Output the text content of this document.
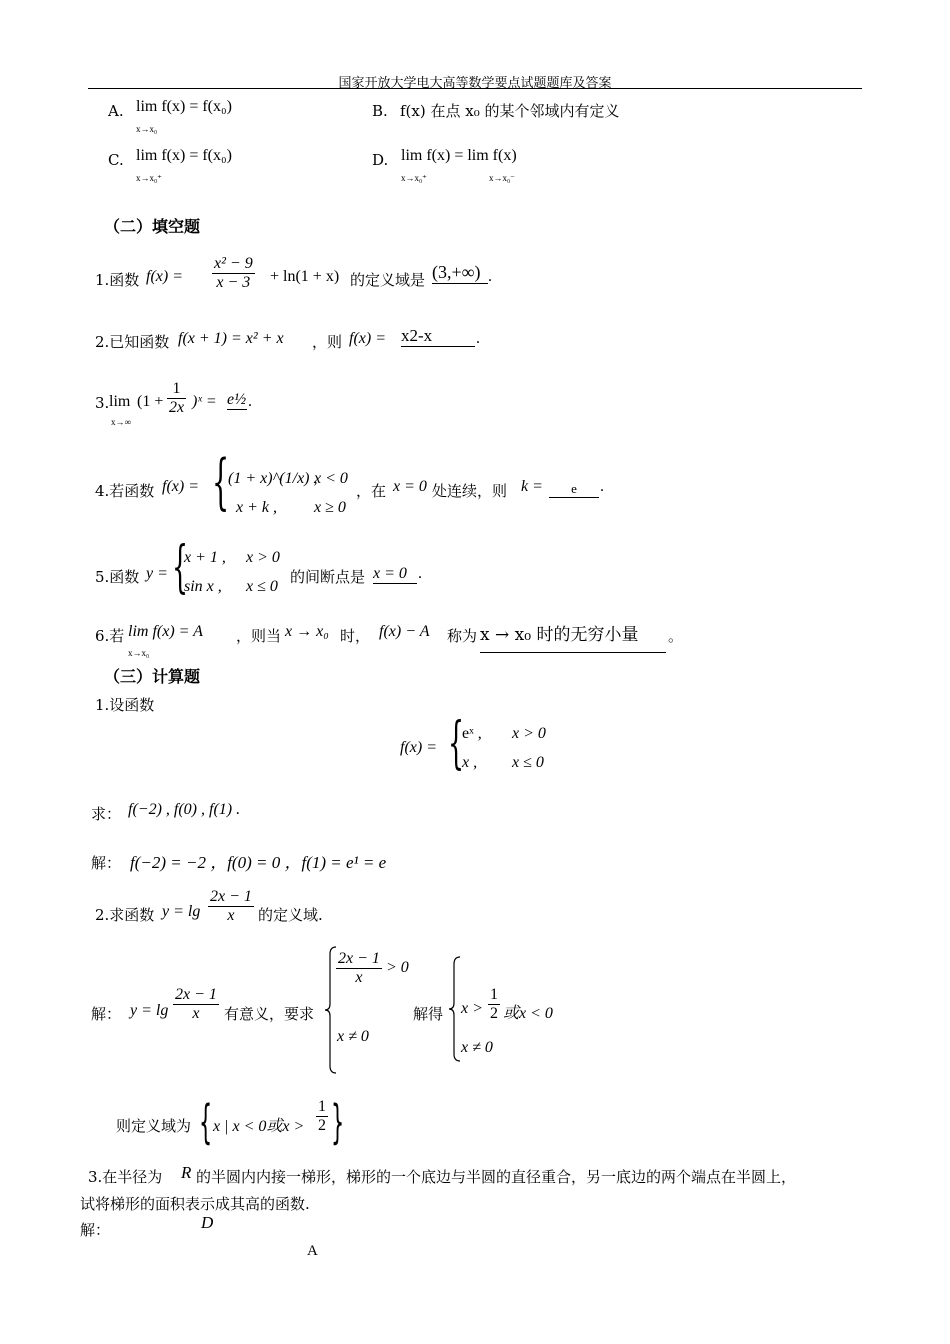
国家开放大学电大高等数学要点试题题库及答案
A. lim f(x) = f(x₀)
x→x₀
B. f(x) 在点 x₀ 的某个邻域内有定义
C. lim f(x) = f(x₀)
x→x₀⁺
D. lim f(x) = lim f(x)
x→x₀⁺	x→x₀⁻
（二）填空题
1.函数 $f(x) = \frac{\text{x² − 9}}{x - 3} + \ln(1 + x)$ 的定义域是 (3,+∞) .
2.已知函数 f(x + 1) = x² + x ，则 f(x) = x2-x	.
3. lim
x→∞
($1 + \frac{1}{2x}$ )ˣ = e½ .
4.若函数 f(x) = {
(1 + x)^(1/x) ,
x < 0
x + k , x ≥ 0
，在 x = 0 处连续，则 k =	e	.
5.函数 y = {
x + 1 , x > 0
sin x , x ≤ 0
的间断点是 x = 0 .
6.若 lim f(x) = A
x→x₀
，则当 x → x₀ 时， f(x) − A 称为 x → x₀ 时的无穷小量	。
（三）计算题
1.设函数
f(x) = {
eˣ , x > 0
x , x ≤ 0
求： f(−2) , f(0) , f(1) .
解： f(−2) = −2 ，f(0) = 0 ，f(1) = e¹ = e
2.求函数 $y = \lg \frac{2x - 1}{x}$ 的定义域.
解： $y = \lg \frac{2x - 1}{x}$ 有意义，要求
$\frac{2x - 1}{x} > 0$
x ≠ 0
解得 $x > \frac{1}{2}$ 或x < 0
x ≠ 0
则定义域为 { x | x < 0或$x > \frac{1}{2}$ }
3.在半径为 R 的半圆内内接一梯形，梯形的一个底边与半圆的直径重合，另一底边的两个端点在半圆上，
试将梯形的面积表示成其高的函数.
解：	D
A
